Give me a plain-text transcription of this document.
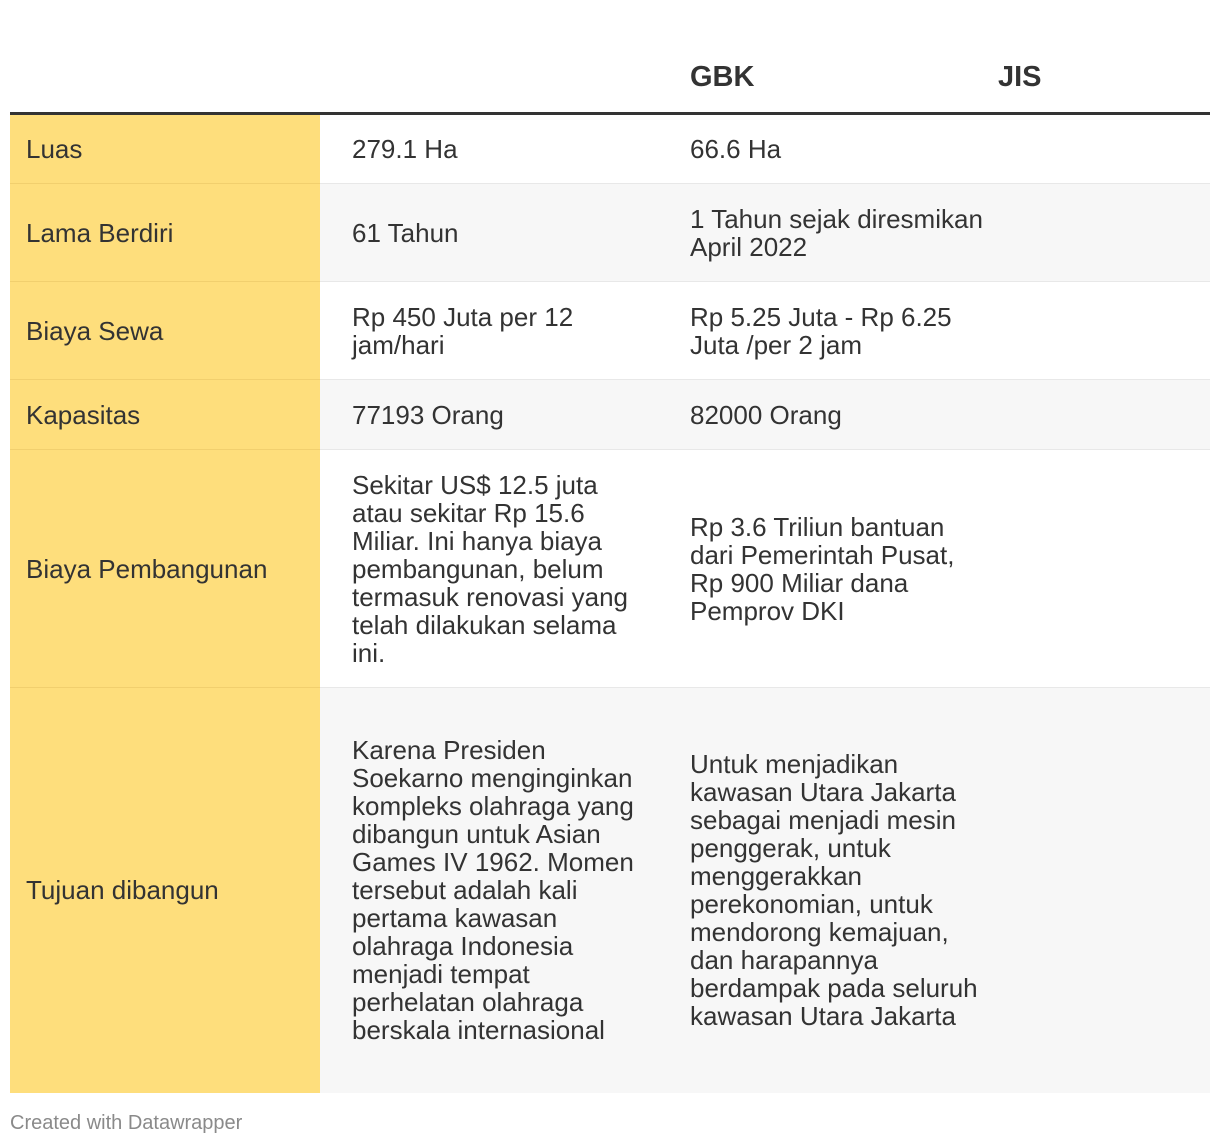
		GBK	JIS
Luas	279.1 Ha	66.6 Ha	
Lama Berdiri	61 Tahun	1 Tahun sejak diresmikan April 2022	
Biaya Sewa	Rp 450 Juta per 12 jam/hari	Rp 5.25 Juta - Rp 6.25 Juta /per 2 jam	
Kapasitas	77193 Orang	82000 Orang	
Biaya Pembangunan	Sekitar US$ 12.5 juta atau sekitar Rp 15.6 Miliar. Ini hanya biaya pembangunan, belum termasuk renovasi yang telah dilakukan selama ini.	Rp 3.6 Triliun bantuan dari Pemerintah Pusat, Rp 900 Miliar dana Pemprov DKI	
Tujuan dibangun	Karena Presiden Soekarno menginginkan kompleks olahraga yang dibangun untuk Asian Games IV 1962. Momen tersebut adalah kali pertama kawasan olahraga Indonesia menjadi tempat perhelatan olahraga berskala internasional	Untuk menjadikan kawasan Utara Jakarta sebagai menjadi mesin penggerak, untuk menggerakkan perekonomian, untuk mendorong kemajuan, dan harapannya berdampak pada seluruh kawasan Utara Jakarta	
Created with Datawrapper
